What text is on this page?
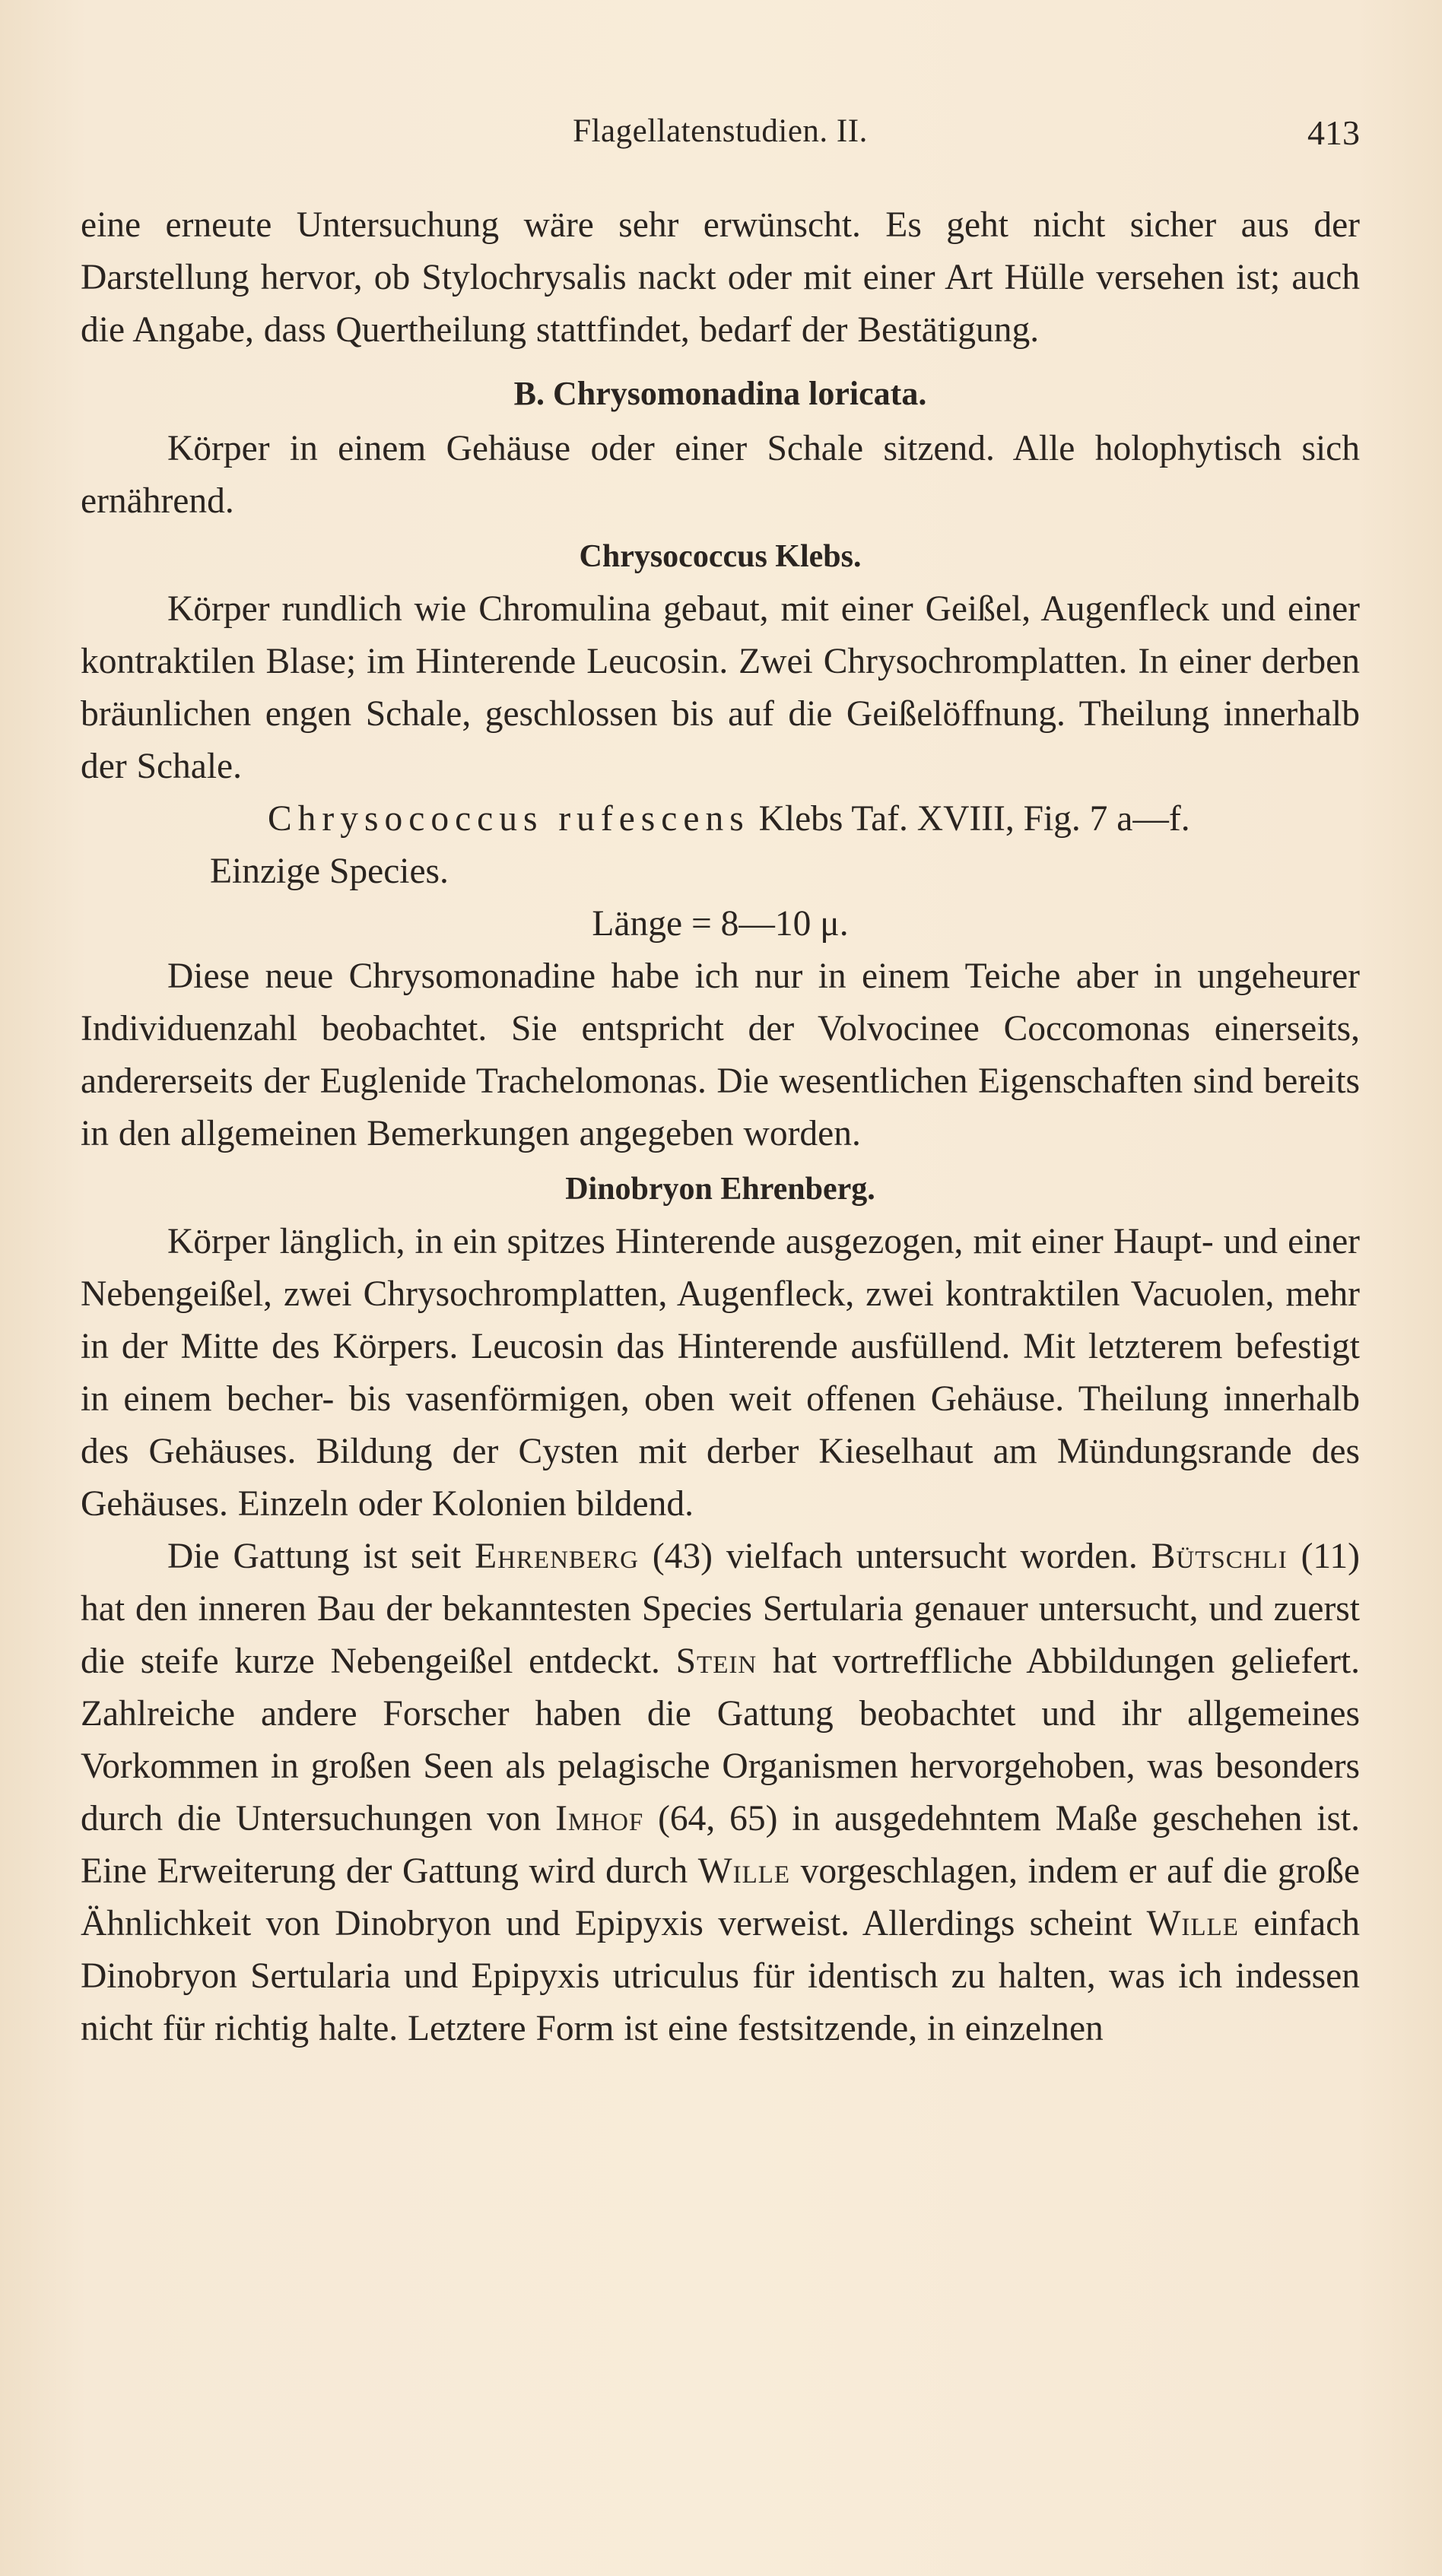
Flagellatenstudien. II.	413

eine erneute Untersuchung wäre sehr erwünscht. Es geht nicht sicher aus der Darstellung hervor, ob Stylochrysalis nackt oder mit einer Art Hülle versehen ist; auch die Angabe, dass Quertheilung stattfindet, bedarf der Bestätigung.

B. Chrysomonadina loricata.

Körper in einem Gehäuse oder einer Schale sitzend. Alle holophytisch sich ernährend.

Chrysococcus Klebs.

Körper rundlich wie Chromulina gebaut, mit einer Geißel, Augenfleck und einer kontraktilen Blase; im Hinterende Leucosin. Zwei Chrysochromplatten. In einer derben bräunlichen engen Schale, geschlossen bis auf die Geißelöffnung. Theilung innerhalb der Schale.

Chrysococcus rufescens Klebs Taf. XVIII, Fig. 7 a—f.

Einzige Species.

Länge = 8—10 μ.

Diese neue Chrysomonadine habe ich nur in einem Teiche aber in ungeheurer Individuenzahl beobachtet. Sie entspricht der Volvocinee Coccomonas einerseits, andererseits der Euglenide Trachelomonas. Die wesentlichen Eigenschaften sind bereits in den allgemeinen Bemerkungen angegeben worden.

Dinobryon Ehrenberg.

Körper länglich, in ein spitzes Hinterende ausgezogen, mit einer Haupt- und einer Nebengeißel, zwei Chrysochromplatten, Augenfleck, zwei kontraktilen Vacuolen, mehr in der Mitte des Körpers. Leucosin das Hinterende ausfüllend. Mit letzterem befestigt in einem becher- bis vasenförmigen, oben weit offenen Gehäuse. Theilung innerhalb des Gehäuses. Bildung der Cysten mit derber Kieselhaut am Mündungsrande des Gehäuses. Einzeln oder Kolonien bildend.

Die Gattung ist seit Ehrenberg (43) vielfach untersucht worden. Bütschli (11) hat den inneren Bau der bekanntesten Species Sertularia genauer untersucht, und zuerst die steife kurze Nebengeißel entdeckt. Stein hat vortreffliche Abbildungen geliefert. Zahlreiche andere Forscher haben die Gattung beobachtet und ihr allgemeines Vorkommen in großen Seen als pelagische Organismen hervorgehoben, was besonders durch die Untersuchungen von Imhof (64, 65) in ausgedehntem Maße geschehen ist. Eine Erweiterung der Gattung wird durch Wille vorgeschlagen, indem er auf die große Ähnlichkeit von Dinobryon und Epipyxis verweist. Allerdings scheint Wille einfach Dinobryon Sertularia und Epipyxis utriculus für identisch zu halten, was ich indessen nicht für richtig halte. Letztere Form ist eine festsitzende, in einzelnen
